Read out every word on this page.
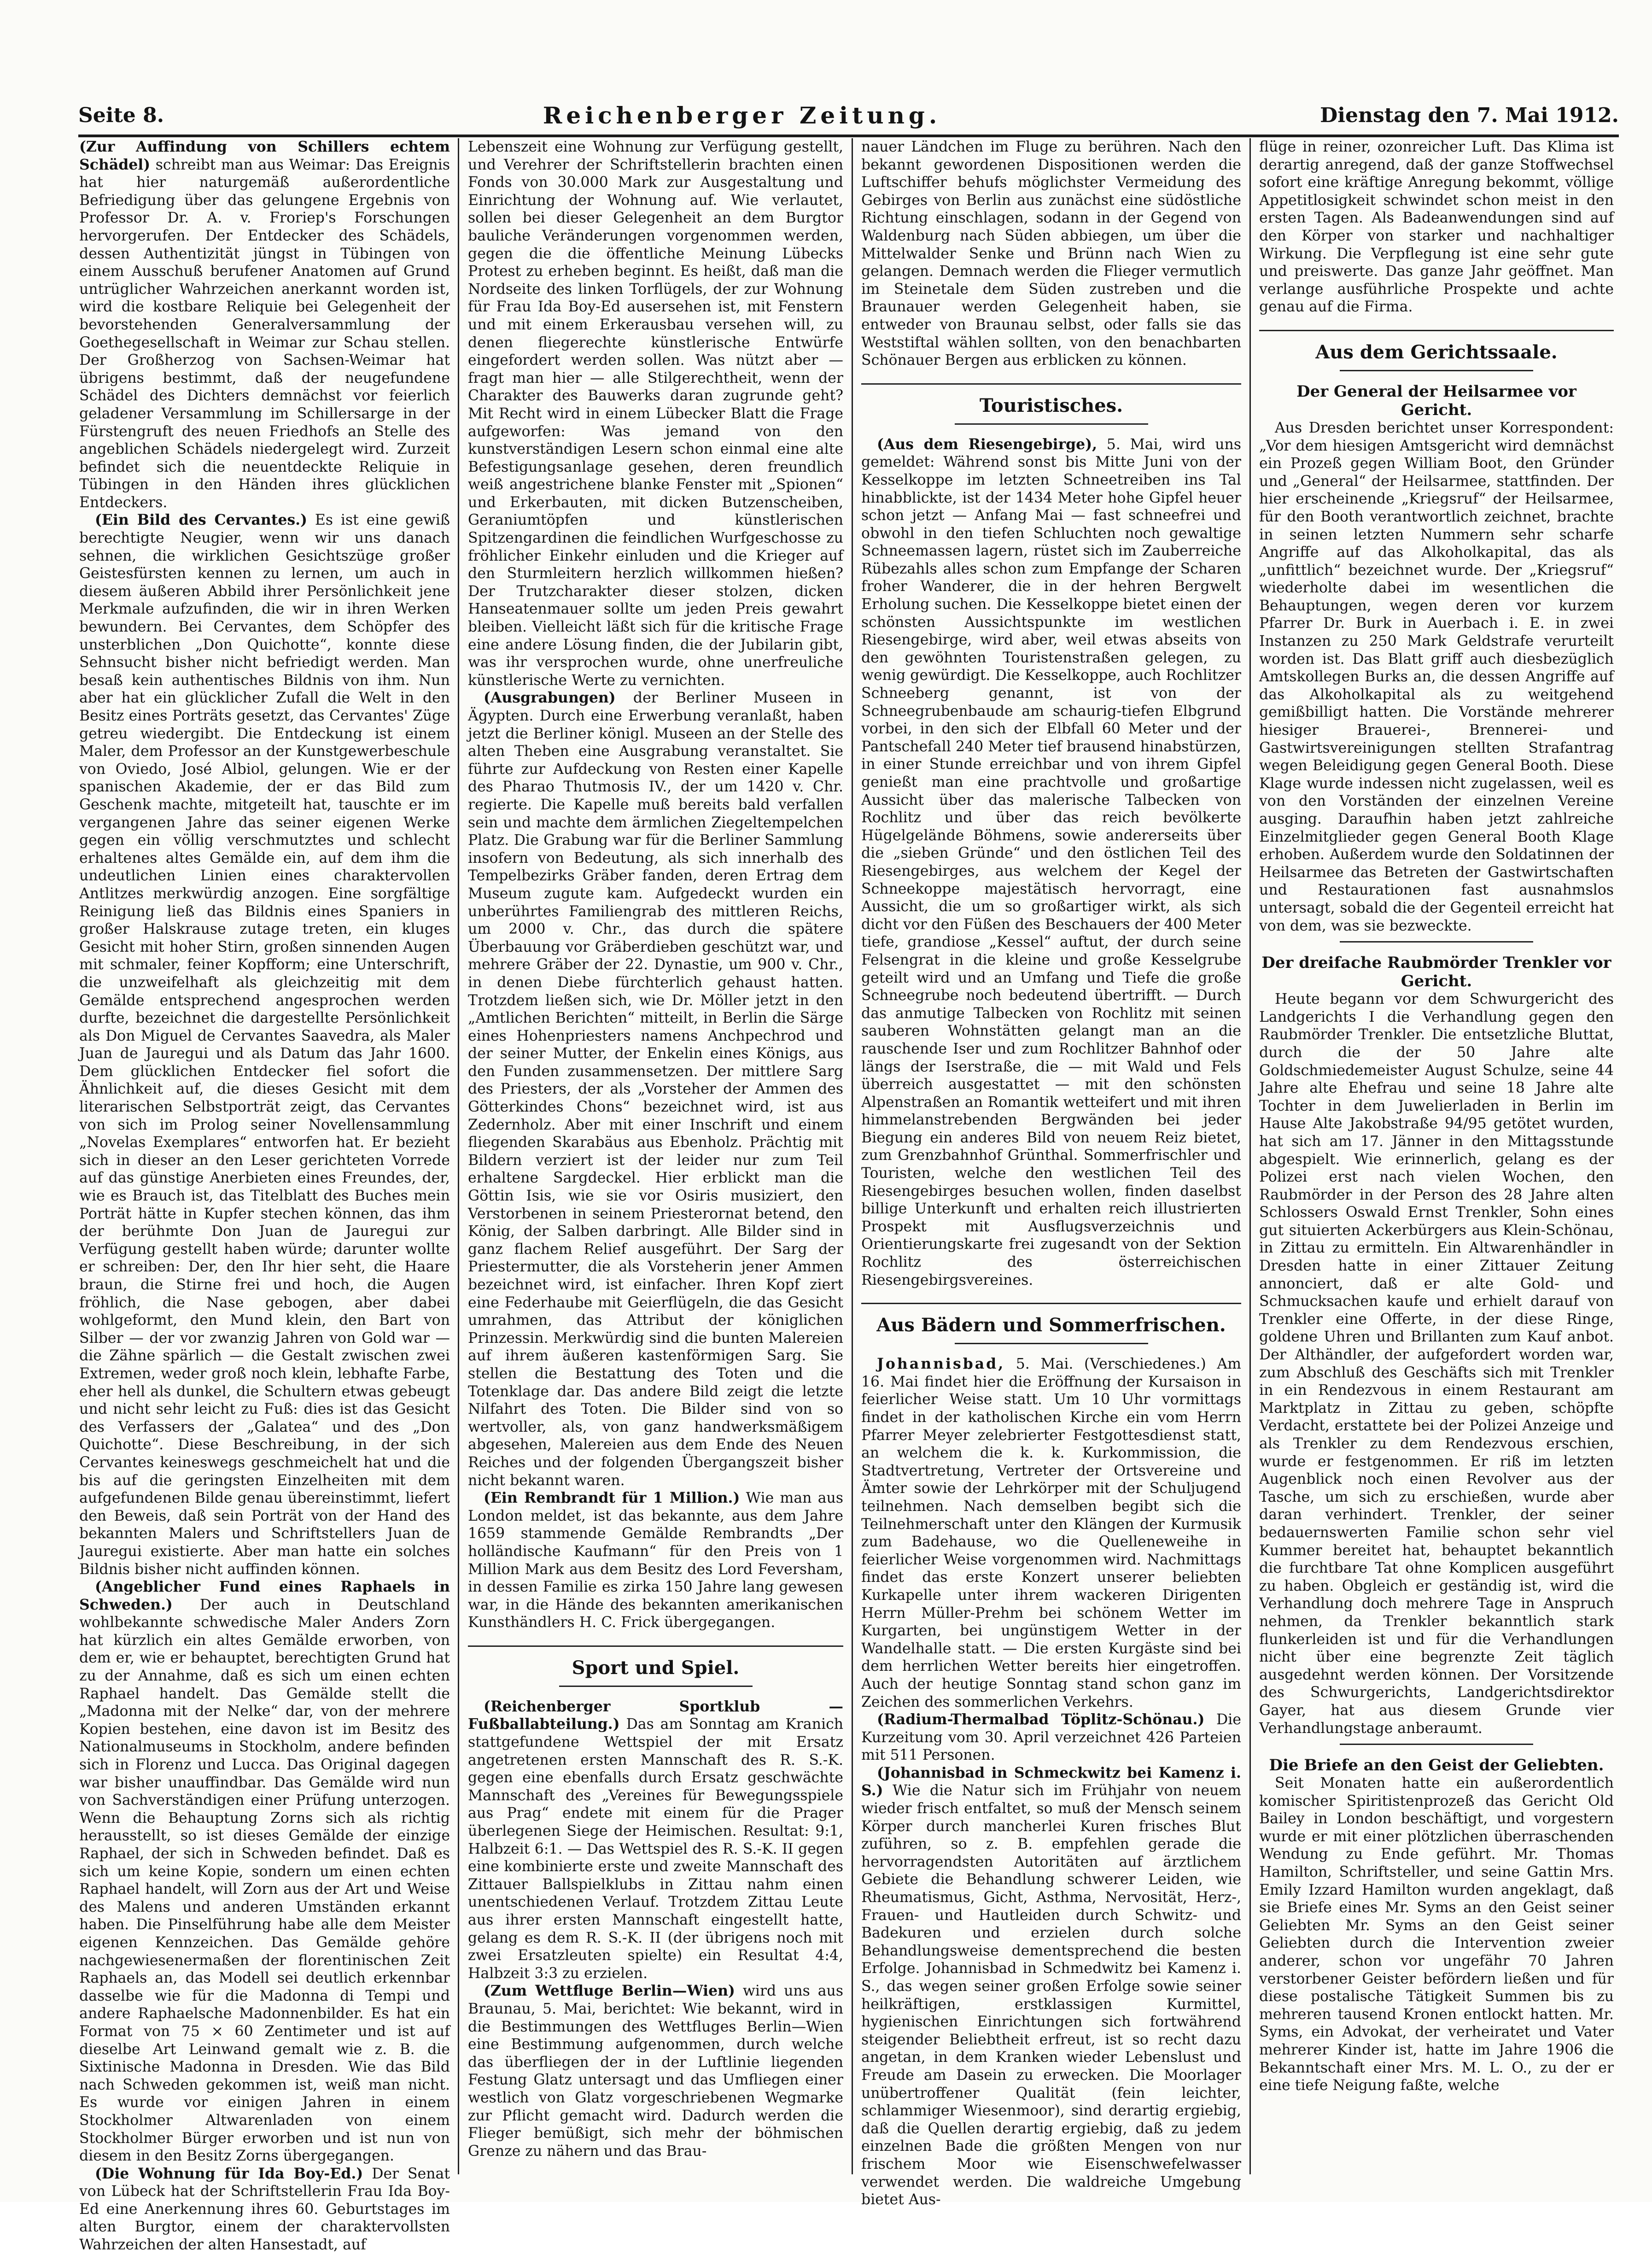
Seite 8.	Reichenberger Zeitung.	Dienstag den 7. Mai 1912.

(Zur Auffindung von Schillers echtem Schädel) schreibt man aus Weimar: Das Ereignis hat hier naturgemäß außerordentliche Befriedigung über das gelungene Ergebnis von Professor Dr. A. v. Froriep's Forschungen hervorgerufen. Der Entdecker des Schädels, dessen Authentizität jüngst in Tübingen von einem Ausschuß berufener Anatomen auf Grund untrüglicher Wahrzeichen anerkannt worden ist, wird die kostbare Reliquie bei Gelegenheit der bevorstehenden Generalversammlung der Goethegesellschaft in Weimar zur Schau stellen. Der Großherzog von Sachsen-Weimar hat übrigens bestimmt, daß der neugefundene Schädel des Dichters demnächst vor feierlich geladener Versammlung im Schillersarge in der Fürstengruft des neuen Friedhofs an Stelle des angeblichen Schädels niedergelegt wird. Zurzeit befindet sich die neuentdeckte Reliquie in Tübingen in den Händen ihres glücklichen Entdeckers.

(Ein Bild des Cervantes.) Es ist eine gewiß berechtigte Neugier, wenn wir uns danach sehnen, die wirklichen Gesichtszüge großer Geistesfürsten kennen zu lernen, um auch in diesem äußeren Abbild ihrer Persönlichkeit jene Merkmale aufzufinden, die wir in ihren Werken bewundern. Bei Cervantes, dem Schöpfer des unsterblichen „Don Quichotte“, konnte diese Sehnsucht bisher nicht befriedigt werden. Man besaß kein authentisches Bildnis von ihm. Nun aber hat ein glücklicher Zufall die Welt in den Besitz eines Porträts gesetzt, das Cervantes' Züge getreu wiedergibt. Die Entdeckung ist einem Maler, dem Professor an der Kunstgewerbeschule von Oviedo, José Albiol, gelungen. Wie er der spanischen Akademie, der er das Bild zum Geschenk machte, mitgeteilt hat, tauschte er im vergangenen Jahre das seiner eigenen Werke gegen ein völlig verschmutztes und schlecht erhaltenes altes Gemälde ein, auf dem ihm die undeutlichen Linien eines charaktervollen Antlitzes merkwürdig anzogen. Eine sorgfältige Reinigung ließ das Bildnis eines Spaniers in großer Halskrause zutage treten, ein kluges Gesicht mit hoher Stirn, großen sinnenden Augen mit schmaler, feiner Kopfform; eine Unterschrift, die unzweifelhaft als gleichzeitig mit dem Gemälde entsprechend angesprochen werden durfte, bezeichnet die dargestellte Persönlichkeit als Don Miguel de Cervantes Saavedra, als Maler Juan de Jauregui und als Datum das Jahr 1600. Dem glücklichen Entdecker fiel sofort die Ähnlichkeit auf, die dieses Gesicht mit dem literarischen Selbstporträt zeigt, das Cervantes von sich im Prolog seiner Novellensammlung „Novelas Exemplares“ entworfen hat. Er bezieht sich in dieser an den Leser gerichteten Vorrede auf das günstige Anerbieten eines Freundes, der, wie es Brauch ist, das Titelblatt des Buches mein Porträt hätte in Kupfer stechen können, das ihm der berühmte Don Juan de Jauregui zur Verfügung gestellt haben würde; darunter wollte er schreiben: Der, den Ihr hier seht, die Haare braun, die Stirne frei und hoch, die Augen fröhlich, die Nase gebogen, aber dabei wohlgeformt, den Mund klein, den Bart von Silber — der vor zwanzig Jahren von Gold war — die Zähne spärlich — die Gestalt zwischen zwei Extremen, weder groß noch klein, lebhafte Farbe, eher hell als dunkel, die Schultern etwas gebeugt und nicht sehr leicht zu Fuß: dies ist das Gesicht des Verfassers der „Galatea“ und des „Don Quichotte“. Diese Beschreibung, in der sich Cervantes keineswegs geschmeichelt hat und die bis auf die geringsten Einzelheiten mit dem aufgefundenen Bilde genau übereinstimmt, liefert den Beweis, daß sein Porträt von der Hand des bekannten Malers und Schriftstellers Juan de Jauregui existierte. Aber man hatte ein solches Bildnis bisher nicht auffinden können.

(Angeblicher Fund eines Raphaels in Schweden.) Der auch in Deutschland wohlbekannte schwedische Maler Anders Zorn hat kürzlich ein altes Gemälde erworben, von dem er, wie er behauptet, berechtigten Grund hat zu der Annahme, daß es sich um einen echten Raphael handelt. Das Gemälde stellt die „Madonna mit der Nelke“ dar, von der mehrere Kopien bestehen, eine davon ist im Besitz des Nationalmuseums in Stockholm, andere befinden sich in Florenz und Lucca. Das Original dagegen war bisher unauffindbar. Das Gemälde wird nun von Sachverständigen einer Prüfung unterzogen. Wenn die Behauptung Zorns sich als richtig herausstellt, so ist dieses Gemälde der einzige Raphael, der sich in Schweden befindet. Daß es sich um keine Kopie, sondern um einen echten Raphael handelt, will Zorn aus der Art und Weise des Malens und anderen Umständen erkannt haben. Die Pinselführung habe alle dem Meister eigenen Kennzeichen. Das Gemälde gehöre nachgewiesenermaßen der florentinischen Zeit Raphaels an, das Modell sei deutlich erkennbar dasselbe wie für die Madonna di Tempi und andere Raphaelsche Madonnenbilder. Es hat ein Format von 75 × 60 Zentimeter und ist auf dieselbe Art Leinwand gemalt wie z. B. die Sixtinische Madonna in Dresden. Wie das Bild nach Schweden gekommen ist, weiß man nicht. Es wurde vor einigen Jahren in einem Stockholmer Altwarenladen von einem Stockholmer Bürger erworben und ist nun von diesem in den Besitz Zorns übergegangen.

(Die Wohnung für Ida Boy-Ed.) Der Senat von Lübeck hat der Schriftstellerin Frau Ida Boy-Ed eine Anerkennung ihres 60. Geburtstages im alten Burgtor, einem der charaktervollsten Wahrzeichen der alten Hansestadt, auf

Lebenszeit eine Wohnung zur Verfügung gestellt, und Verehrer der Schriftstellerin brachten einen Fonds von 30.000 Mark zur Ausgestaltung und Einrichtung der Wohnung auf. Wie verlautet, sollen bei dieser Gelegenheit an dem Burgtor bauliche Veränderungen vorgenommen werden, gegen die die öffentliche Meinung Lübecks Protest zu erheben beginnt. Es heißt, daß man die Nordseite des linken Torflügels, der zur Wohnung für Frau Ida Boy-Ed ausersehen ist, mit Fenstern und mit einem Erkerausbau versehen will, zu denen fliegerechte künstlerische Entwürfe eingefordert werden sollen. Was nützt aber — fragt man hier — alle Stilgerechtheit, wenn der Charakter des Bauwerks daran zugrunde geht? Mit Recht wird in einem Lübecker Blatt die Frage aufgeworfen: Was jemand von den kunstverständigen Lesern schon einmal eine alte Befestigungsanlage gesehen, deren freundlich weiß angestrichene blanke Fenster mit „Spionen“ und Erkerbauten, mit dicken Butzenscheiben, Geraniumtöpfen und künstlerischen Spitzengardinen die feindlichen Wurfgeschosse zu fröhlicher Einkehr einluden und die Krieger auf den Sturmleitern herzlich willkommen hießen? Der Trutzcharakter dieser stolzen, dicken Hanseatenmauer sollte um jeden Preis gewahrt bleiben. Vielleicht läßt sich für die kritische Frage eine andere Lösung finden, die der Jubilarin gibt, was ihr versprochen wurde, ohne unerfreuliche künstlerische Werte zu vernichten.

(Ausgrabungen) der Berliner Museen in Ägypten. Durch eine Erwerbung veranlaßt, haben jetzt die Berliner königl. Museen an der Stelle des alten Theben eine Ausgrabung veranstaltet. Sie führte zur Aufdeckung von Resten einer Kapelle des Pharao Thutmosis IV., der um 1420 v. Chr. regierte. Die Kapelle muß bereits bald verfallen sein und machte dem ärmlichen Ziegeltempelchen Platz. Die Grabung war für die Berliner Sammlung insofern von Bedeutung, als sich innerhalb des Tempelbezirks Gräber fanden, deren Ertrag dem Museum zugute kam. Aufgedeckt wurden ein unberührtes Familiengrab des mittleren Reichs, um 2000 v. Chr., das durch die spätere Überbauung vor Gräberdieben geschützt war, und mehrere Gräber der 22. Dynastie, um 900 v. Chr., in denen Diebe fürchterlich gehaust hatten. Trotzdem ließen sich, wie Dr. Möller jetzt in den „Amtlichen Berichten“ mitteilt, in Berlin die Särge eines Hohenpriesters namens Anchpechrod und der seiner Mutter, der Enkelin eines Königs, aus den Funden zusammensetzen. Der mittlere Sarg des Priesters, der als „Vorsteher der Ammen des Götterkindes Chons“ bezeichnet wird, ist aus Zedernholz. Aber mit einer Inschrift und einem fliegenden Skarabäus aus Ebenholz. Prächtig mit Bildern verziert ist der leider nur zum Teil erhaltene Sargdeckel. Hier erblickt man die Göttin Isis, wie sie vor Osiris musiziert, den Verstorbenen in seinem Priesterornat betend, den König, der Salben darbringt. Alle Bilder sind in ganz flachem Relief ausgeführt. Der Sarg der Priestermutter, die als Vorsteherin jener Ammen bezeichnet wird, ist einfacher. Ihren Kopf ziert eine Federhaube mit Geierflügeln, die das Gesicht umrahmen, das Attribut der königlichen Prinzessin. Merkwürdig sind die bunten Malereien auf ihrem äußeren kastenförmigen Sarg. Sie stellen die Bestattung des Toten und die Totenklage dar. Das andere Bild zeigt die letzte Nilfahrt des Toten. Die Bilder sind von so wertvoller, als, von ganz handwerksmäßigem abgesehen, Malereien aus dem Ende des Neuen Reiches und der folgenden Übergangszeit bisher nicht bekannt waren.

(Ein Rembrandt für 1 Million.) Wie man aus London meldet, ist das bekannte, aus dem Jahre 1659 stammende Gemälde Rembrandts „Der holländische Kaufmann“ für den Preis von 1 Million Mark aus dem Besitz des Lord Feversham, in dessen Familie es zirka 150 Jahre lang gewesen war, in die Hände des bekannten amerikanischen Kunsthändlers H. C. Frick übergegangen.

Sport und Spiel.

(Reichenberger Sportklub — Fußballabteilung.) Das am Sonntag am Kranich stattgefundene Wettspiel der mit Ersatz angetretenen ersten Mannschaft des R. S.-K. gegen eine ebenfalls durch Ersatz geschwächte Mannschaft des „Vereines für Bewegungsspiele aus Prag“ endete mit einem für die Prager überlegenen Siege der Heimischen. Resultat: 9:1, Halbzeit 6:1. — Das Wettspiel des R. S.-K. II gegen eine kombinierte erste und zweite Mannschaft des Zittauer Ballspielklubs in Zittau nahm einen unentschiedenen Verlauf. Trotzdem Zittau Leute aus ihrer ersten Mannschaft eingestellt hatte, gelang es dem R. S.-K. II (der übrigens noch mit zwei Ersatzleuten spielte) ein Resultat 4:4, Halbzeit 3:3 zu erzielen.

(Zum Wettfluge Berlin—Wien) wird uns aus Braunau, 5. Mai, berichtet: Wie bekannt, wird in die Bestimmungen des Wettfluges Berlin—Wien eine Bestimmung aufgenommen, durch welche das überfliegen der in der Luftlinie liegenden Festung Glatz untersagt und das Umfliegen einer westlich von Glatz vorgeschriebenen Wegmarke zur Pflicht gemacht wird. Dadurch werden die Flieger bemüßigt, sich mehr der böhmischen Grenze zu nähern und das Brau-

nauer Ländchen im Fluge zu berühren. Nach den bekannt gewordenen Dispositionen werden die Luftschiffer behufs möglichster Vermeidung des Gebirges von Berlin aus zunächst eine südöstliche Richtung einschlagen, sodann in der Gegend von Waldenburg nach Süden abbiegen, um über die Mittelwalder Senke und Brünn nach Wien zu gelangen. Demnach werden die Flieger vermutlich im Steinetale dem Süden zustreben und die Braunauer werden Gelegenheit haben, sie entweder von Braunau selbst, oder falls sie das Weststiftal wählen sollten, von den benachbarten Schönauer Bergen aus erblicken zu können.

Touristisches.

(Aus dem Riesengebirge), 5. Mai, wird uns gemeldet: Während sonst bis Mitte Juni von der Kesselkoppe im letzten Schneetreiben ins Tal hinabblickte, ist der 1434 Meter hohe Gipfel heuer schon jetzt — Anfang Mai — fast schneefrei und obwohl in den tiefen Schluchten noch gewaltige Schneemassen lagern, rüstet sich im Zauberreiche Rübezahls alles schon zum Empfange der Scharen froher Wanderer, die in der hehren Bergwelt Erholung suchen. Die Kesselkoppe bietet einen der schönsten Aussichtspunkte im westlichen Riesengebirge, wird aber, weil etwas abseits von den gewöhnten Touristenstraßen gelegen, zu wenig gewürdigt. Die Kesselkoppe, auch Rochlitzer Schneeberg genannt, ist von der Schneegrubenbaude am schaurig-tiefen Elbgrund vorbei, in den sich der Elbfall 60 Meter und der Pantschefall 240 Meter tief brausend hinabstürzen, in einer Stunde erreichbar und von ihrem Gipfel genießt man eine prachtvolle und großartige Aussicht über das malerische Talbecken von Rochlitz und über das reich bevölkerte Hügelgelände Böhmens, sowie andererseits über die „sieben Gründe“ und den östlichen Teil des Riesengebirges, aus welchem der Kegel der Schneekoppe majestätisch hervorragt, eine Aussicht, die um so großartiger wirkt, als sich dicht vor den Füßen des Beschauers der 400 Meter tiefe, grandiose „Kessel“ auftut, der durch seine Felsengrat in die kleine und große Kesselgrube geteilt wird und an Umfang und Tiefe die große Schneegrube noch bedeutend übertrifft. — Durch das anmutige Talbecken von Rochlitz mit seinen sauberen Wohnstätten gelangt man an die rauschende Iser und zum Rochlitzer Bahnhof oder längs der Iserstraße, die — mit Wald und Fels überreich ausgestattet — mit den schönsten Alpenstraßen an Romantik wetteifert und mit ihren himmelanstrebenden Bergwänden bei jeder Biegung ein anderes Bild von neuem Reiz bietet, zum Grenzbahnhof Grünthal. Sommerfrischler und Touristen, welche den westlichen Teil des Riesengebirges besuchen wollen, finden daselbst billige Unterkunft und erhalten reich illustrierten Prospekt mit Ausflugsverzeichnis und Orientierungskarte frei zugesandt von der Sektion Rochlitz des österreichischen Riesengebirgsvereines.

Aus Bädern und Sommerfrischen.

Johannisbad, 5. Mai. (Verschiedenes.) Am 16. Mai findet hier die Eröffnung der Kursaison in feierlicher Weise statt. Um 10 Uhr vormittags findet in der katholischen Kirche ein vom Herrn Pfarrer Meyer zelebrierter Festgottesdienst statt, an welchem die k. k. Kurkommission, die Stadtvertretung, Vertreter der Ortsvereine und Ämter sowie der Lehrkörper mit der Schuljugend teilnehmen. Nach demselben begibt sich die Teilnehmerschaft unter den Klängen der Kurmusik zum Badehause, wo die Quelleneweihe in feierlicher Weise vorgenommen wird. Nachmittags findet das erste Konzert unserer beliebten Kurkapelle unter ihrem wackeren Dirigenten Herrn Müller-Prehm bei schönem Wetter im Kurgarten, bei ungünstigem Wetter in der Wandelhalle statt. — Die ersten Kurgäste sind bei dem herrlichen Wetter bereits hier eingetroffen. Auch der heutige Sonntag stand schon ganz im Zeichen des sommerlichen Verkehrs.

(Radium-Thermalbad Töplitz-Schönau.) Die Kurzeitung vom 30. April verzeichnet 426 Parteien mit 511 Personen.

(Johannisbad in Schmeckwitz bei Kamenz i. S.) Wie die Natur sich im Frühjahr von neuem wieder frisch entfaltet, so muß der Mensch seinem Körper durch mancherlei Kuren frisches Blut zuführen, so z. B. empfehlen gerade die hervorragendsten Autoritäten auf ärztlichem Gebiete die Behandlung schwerer Leiden, wie Rheumatismus, Gicht, Asthma, Nervosität, Herz-, Frauen- und Hautleiden durch Schwitz- und Badekuren und erzielen durch solche Behandlungsweise dementsprechend die besten Erfolge. Johannisbad in Schmedwitz bei Kamenz i. S., das wegen seiner großen Erfolge sowie seiner heilkräftigen, erstklassigen Kurmittel, hygienischen Einrichtungen sich fortwährend steigender Beliebtheit erfreut, ist so recht dazu angetan, in dem Kranken wieder Lebenslust und Freude am Dasein zu erwecken. Die Moorlager unübertroffener Qualität (fein leichter, schlammiger Wiesenmoor), sind derartig ergiebig, daß die Quellen derartig ergiebig, daß zu jedem einzelnen Bade die größten Mengen von nur frischem Moor wie Eisenschwefelwasser verwendet werden. Die waldreiche Umgebung bietet Aus-

flüge in reiner, ozonreicher Luft. Das Klima ist derartig anregend, daß der ganze Stoffwechsel sofort eine kräftige Anregung bekommt, völlige Appetitlosigkeit schwindet schon meist in den ersten Tagen. Als Badeanwendungen sind auf den Körper von starker und nachhaltiger Wirkung. Die Verpflegung ist eine sehr gute und preiswerte. Das ganze Jahr geöffnet. Man verlange ausführliche Prospekte und achte genau auf die Firma.

Aus dem Gerichtssaale.

Der General der Heilsarmee vor Gericht.

Aus Dresden berichtet unser Korrespondent: „Vor dem hiesigen Amtsgericht wird demnächst ein Prozeß gegen William Boot, den Gründer und „General“ der Heilsarmee, stattfinden. Der hier erscheinende „Kriegsruf“ der Heilsarmee, für den Booth verantwortlich zeichnet, brachte in seinen letzten Nummern sehr scharfe Angriffe auf das Alkoholkapital, das als „unfittlich“ bezeichnet wurde. Der „Kriegsruf“ wiederholte dabei im wesentlichen die Behauptungen, wegen deren vor kurzem Pfarrer Dr. Burk in Auerbach i. E. in zwei Instanzen zu 250 Mark Geldstrafe verurteilt worden ist. Das Blatt griff auch diesbezüglich Amtskollegen Burks an, die dessen Angriffe auf das Alkoholkapital als zu weitgehend gemißbilligt hatten. Die Vorstände mehrerer hiesiger Brauerei-, Brennerei- und Gastwirtsvereinigungen stellten Strafantrag wegen Beleidigung gegen General Booth. Diese Klage wurde indessen nicht zugelassen, weil es von den Vorständen der einzelnen Vereine ausging. Daraufhin haben jetzt zahlreiche Einzelmitglieder gegen General Booth Klage erhoben. Außerdem wurde den Soldatinnen der Heilsarmee das Betreten der Gastwirtschaften und Restaurationen fast ausnahmslos untersagt, sobald die der Gegenteil erreicht hat von dem, was sie bezweckte.

Der dreifache Raubmörder Trenkler vor Gericht.

Heute begann vor dem Schwurgericht des Landgerichts I die Verhandlung gegen den Raubmörder Trenkler. Die entsetzliche Bluttat, durch die der 50 Jahre alte Goldschmiedemeister August Schulze, seine 44 Jahre alte Ehefrau und seine 18 Jahre alte Tochter in dem Juwelierladen in Berlin im Hause Alte Jakobstraße 94/95 getötet wurden, hat sich am 17. Jänner in den Mittagsstunde abgespielt. Wie erinnerlich, gelang es der Polizei erst nach vielen Wochen, den Raubmörder in der Person des 28 Jahre alten Schlossers Oswald Ernst Trenkler, Sohn eines gut situierten Ackerbürgers aus Klein-Schönau, in Zittau zu ermitteln. Ein Altwarenhändler in Dresden hatte in einer Zittauer Zeitung annonciert, daß er alte Gold- und Schmucksachen kaufe und erhielt darauf von Trenkler eine Offerte, in der diese Ringe, goldene Uhren und Brillanten zum Kauf anbot. Der Althändler, der aufgefordert worden war, zum Abschluß des Geschäfts sich mit Trenkler in ein Rendezvous in einem Restaurant am Marktplatz in Zittau zu geben, schöpfte Verdacht, erstattete bei der Polizei Anzeige und als Trenkler zu dem Rendezvous erschien, wurde er festgenommen. Er riß im letzten Augenblick noch einen Revolver aus der Tasche, um sich zu erschießen, wurde aber daran verhindert. Trenkler, der seiner bedauernswerten Familie schon sehr viel Kummer bereitet hat, behauptet bekanntlich die furchtbare Tat ohne Komplicen ausgeführt zu haben. Obgleich er geständig ist, wird die Verhandlung doch mehrere Tage in Anspruch nehmen, da Trenkler bekanntlich stark flunkerleiden ist und für die Verhandlungen nicht über eine begrenzte Zeit täglich ausgedehnt werden können. Der Vorsitzende des Schwurgerichts, Landgerichtsdirektor Gayer, hat aus diesem Grunde vier Verhandlungstage anberaumt.

Die Briefe an den Geist der Geliebten.

Seit Monaten hatte ein außerordentlich komischer Spiritistenprozeß das Gericht Old Bailey in London beschäftigt, und vorgestern wurde er mit einer plötzlichen überraschenden Wendung zu Ende geführt. Mr. Thomas Hamilton, Schriftsteller, und seine Gattin Mrs. Emily Izzard Hamilton wurden angeklagt, daß sie Briefe eines Mr. Syms an den Geist seiner Geliebten Mr. Syms an den Geist seiner Geliebten durch die Intervention zweier anderer, schon vor ungefähr 70 Jahren verstorbener Geister befördern ließen und für diese postalische Tätigkeit Summen bis zu mehreren tausend Kronen entlockt hatten. Mr. Syms, ein Advokat, der verheiratet und Vater mehrerer Kinder ist, hatte im Jahre 1906 die Bekanntschaft einer Mrs. M. L. O., zu der er eine tiefe Neigung faßte, welche
